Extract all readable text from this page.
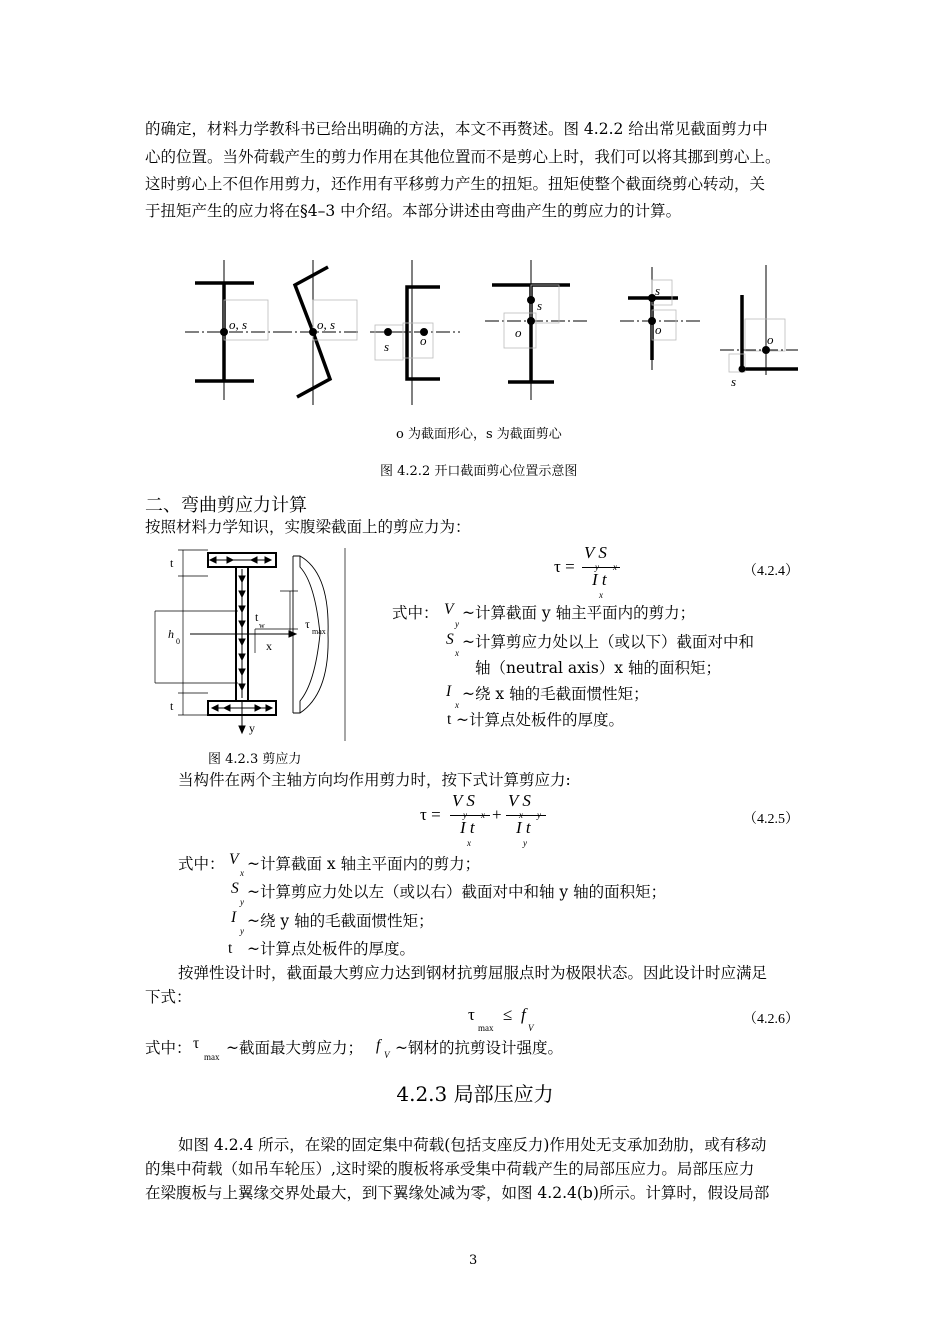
的确定，材料力学教科书已给出明确的方法，本文不再赘述。图 4.2.2 给出常见截面剪力中
心的位置。当外荷载产生的剪力作用在其他位置而不是剪心上时，我们可以将其挪到剪心上。
这时剪心上不但作用剪力，还作用有平移剪力产生的扭矩。扭矩使整个截面绕剪心转动，关
于扭矩产生的应力将在§4–3 中介绍。本部分讲述由弯曲产生的剪应力的计算。
o, s	o, s
s o
s
o
s
o
o
s
o 为截面形心，s 为截面剪心
图 4.2.2 开口截面剪心位置示意图
二、弯曲剪应力计算
按照材料力学知识，实腹梁截面上的剪应力为：
t
t
h
0
t
w	τ
max
x
y
图 4.2.3 剪应力
τ =
V S
y x
I t
x
（4.2.4）
式中： V
y
~计算截面 y 轴主平面内的剪力；
S
x
~计算剪应力处以上（或以下）截面对中和
轴（neutral axis）x 轴的面积矩；
I
x
~绕 x 轴的毛截面惯性矩；
t ~计算点处板件的厚度。
当构件在两个主轴方向均作用剪力时，按下式计算剪应力:
τ =
V S
y x
I t
x
+
V S
x y
I t
y
（4.2.5）
式中： V
x ~计算截面 x 轴主平面内的剪力；
S
y
~计算剪应力处以左（或以右）截面对中和轴 y 轴的面积矩；
I
y
~绕 y 轴的毛截面惯性矩；
t ~计算点处板件的厚度。
按弹性设计时，截面最大剪应力达到钢材抗剪屈服点时为极限状态。因此设计时应满足
下式：
τ
max
≤ f
V
（4.2.6）
式中： τ
max ~截面最大剪应力； f
V ~钢材的抗剪设计强度。
4.2.3 局部压应力
如图 4.2.4 所示，在梁的固定集中荷载(包括支座反力)作用处无支承加劲肋，或有移动
的集中荷载（如吊车轮压）,这时梁的腹板将承受集中荷载产生的局部压应力。局部压应力
在梁腹板与上翼缘交界处最大，到下翼缘处减为零，如图 4.2.4(b)所示。计算时，假设局部
3
